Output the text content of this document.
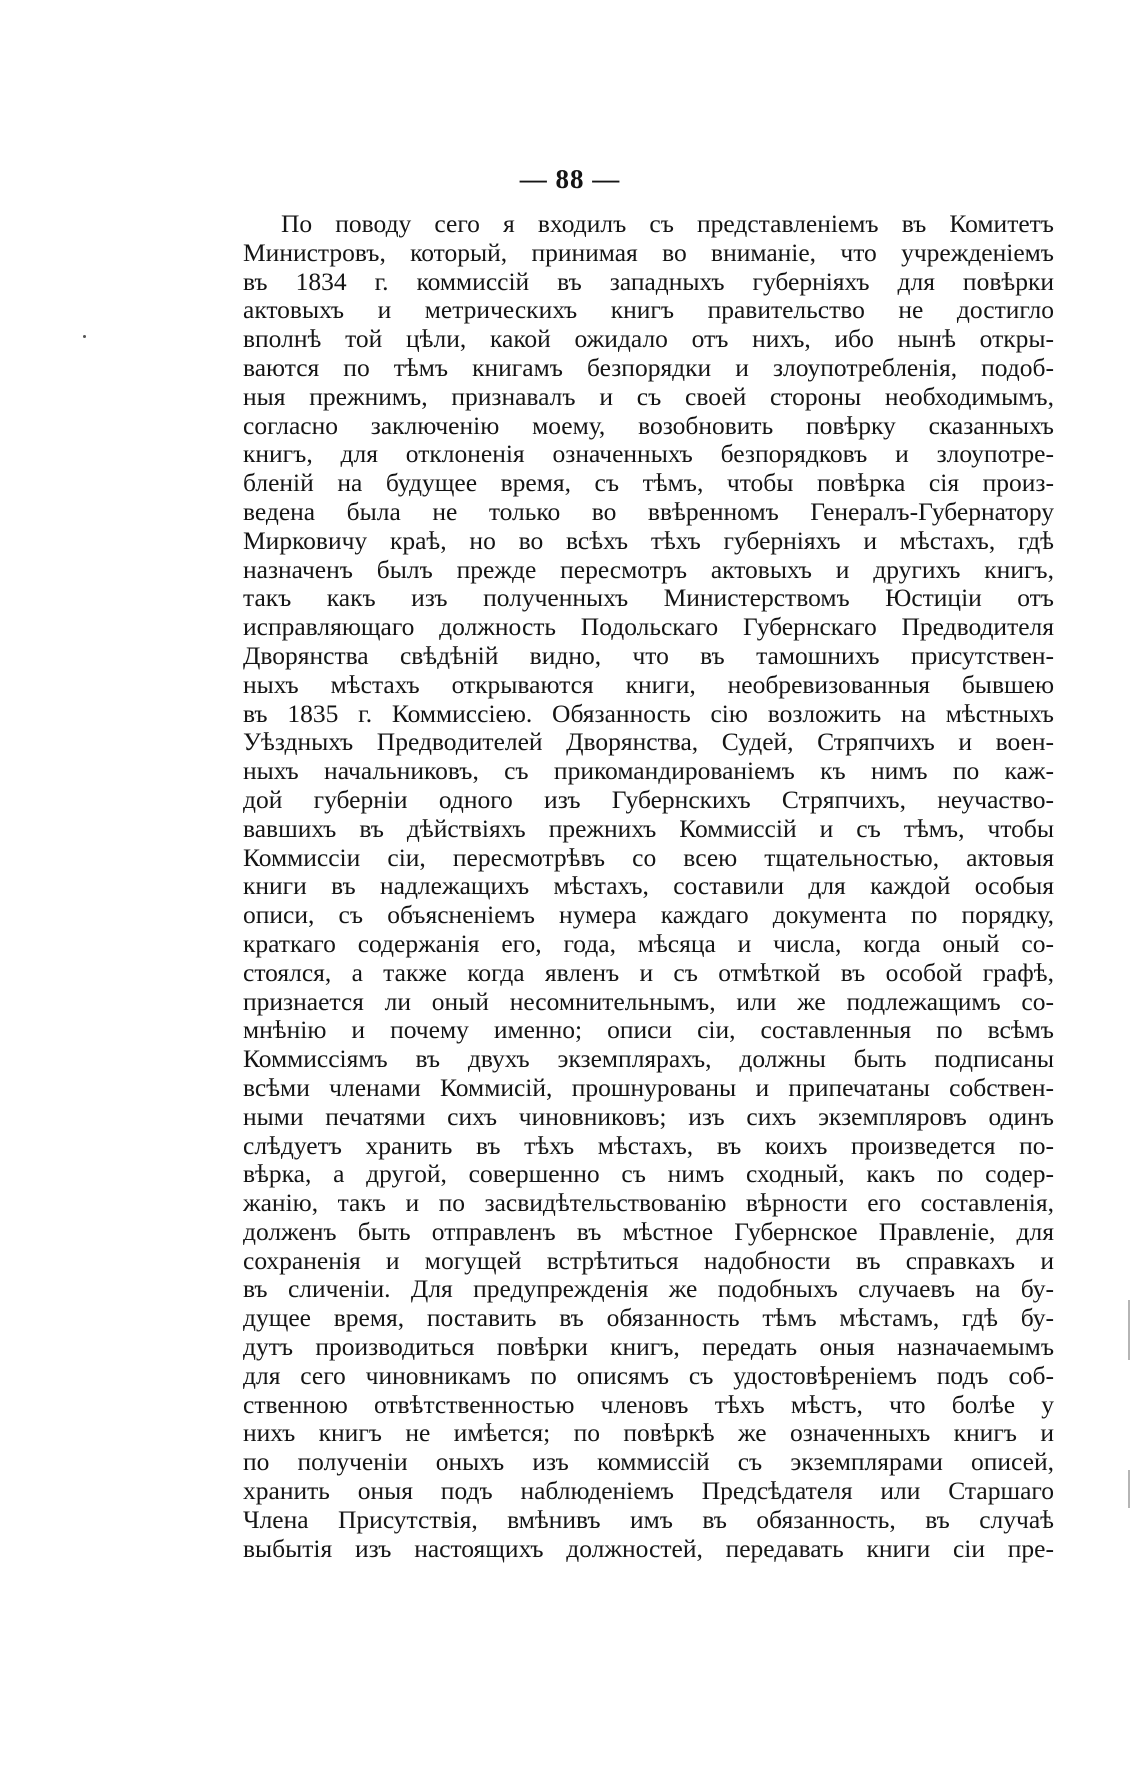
— 88 —
По поводу сего я входилъ съ представленіемъ въ Комитетъ
Министровъ, который, принимая во вниманіе, что учрежденіемъ
въ 1834 г. коммиссій въ западныхъ губерніяхъ для повѣрки
актовыхъ и метрическихъ книгъ правительство не достигло
вполнѣ той цѣли, какой ожидало отъ нихъ, ибо нынѣ откры-
ваются по тѣмъ книгамъ безпорядки и злоупотребленія, подоб-
ныя прежнимъ, признавалъ и съ своей стороны необходимымъ,
согласно заключенію моему, возобновить повѣрку сказанныхъ
книгъ, для отклоненія означенныхъ безпорядковъ и злоупотре-
бленій на будущее время, съ тѣмъ, чтобы повѣрка сія произ-
ведена была не только во ввѣренномъ Генералъ-Губернатору
Мирковичу краѣ, но во всѣхъ тѣхъ губерніяхъ и мѣстахъ, гдѣ
назначенъ былъ прежде пересмотръ актовыхъ и другихъ книгъ,
такъ какъ изъ полученныхъ Министерствомъ Юстиціи отъ
исправляющаго должность Подольскаго Губернскаго Предводителя
Дворянства свѣдѣній видно, что въ тамошнихъ присутствен-
ныхъ мѣстахъ открываются книги, необревизованныя бывшею
въ 1835 г. Коммиссіею. Обязанность сію возложить на мѣстныхъ
Уѣздныхъ Предводителей Дворянства, Судей, Стряпчихъ и воен-
ныхъ начальниковъ, съ прикомандированіемъ къ нимъ по каж-
дой губерніи одного изъ Губернскихъ Стряпчихъ, неучаство-
вавшихъ въ дѣйствіяхъ прежнихъ Коммиссій и съ тѣмъ, чтобы
Коммиссіи сіи, пересмотрѣвъ со всею тщательностью, актовыя
книги въ надлежащихъ мѣстахъ, составили для каждой особыя
описи, съ объясненіемъ нумера каждаго документа по порядку,
краткаго содержанія его, года, мѣсяца и числа, когда оный со-
стоялся, а также когда явленъ и съ отмѣткой въ особой графѣ,
признается ли оный несомнительнымъ, или же подлежащимъ со-
мнѣнію и почему именно; описи сіи, составленныя по всѣмъ
Коммиссіямъ въ двухъ экземплярахъ, должны быть подписаны
всѣми членами Коммисій, прошнурованы и припечатаны собствен-
ными печатями сихъ чиновниковъ; изъ сихъ экземпляровъ одинъ
слѣдуетъ хранить въ тѣхъ мѣстахъ, въ коихъ произведется по-
вѣрка, а другой, совершенно съ нимъ сходный, какъ по содер-
жанію, такъ и по засвидѣтельствованію вѣрности его составленія,
долженъ быть отправленъ въ мѣстное Губернское Правленіе, для
сохраненія и могущей встрѣтиться надобности въ справкахъ и
въ сличеніи. Для предупрежденія же подобныхъ случаевъ на бу-
дущее время, поставить въ обязанность тѣмъ мѣстамъ, гдѣ бу-
дутъ производиться повѣрки книгъ, передать оныя назначаемымъ
для сего чиновникамъ по описямъ съ удостовѣреніемъ подъ соб-
ственною отвѣтственностью членовъ тѣхъ мѣстъ, что болѣе у
нихъ книгъ не имѣется; по повѣркѣ же означенныхъ книгъ и
по полученіи оныхъ изъ коммиссій съ экземплярами описей,
хранить оныя подъ наблюденіемъ Предсѣдателя или Старшаго
Члена Присутствія, вмѣнивъ имъ въ обязанность, въ случаѣ
выбытія изъ настоящихъ должностей, передавать книги сіи пре-
